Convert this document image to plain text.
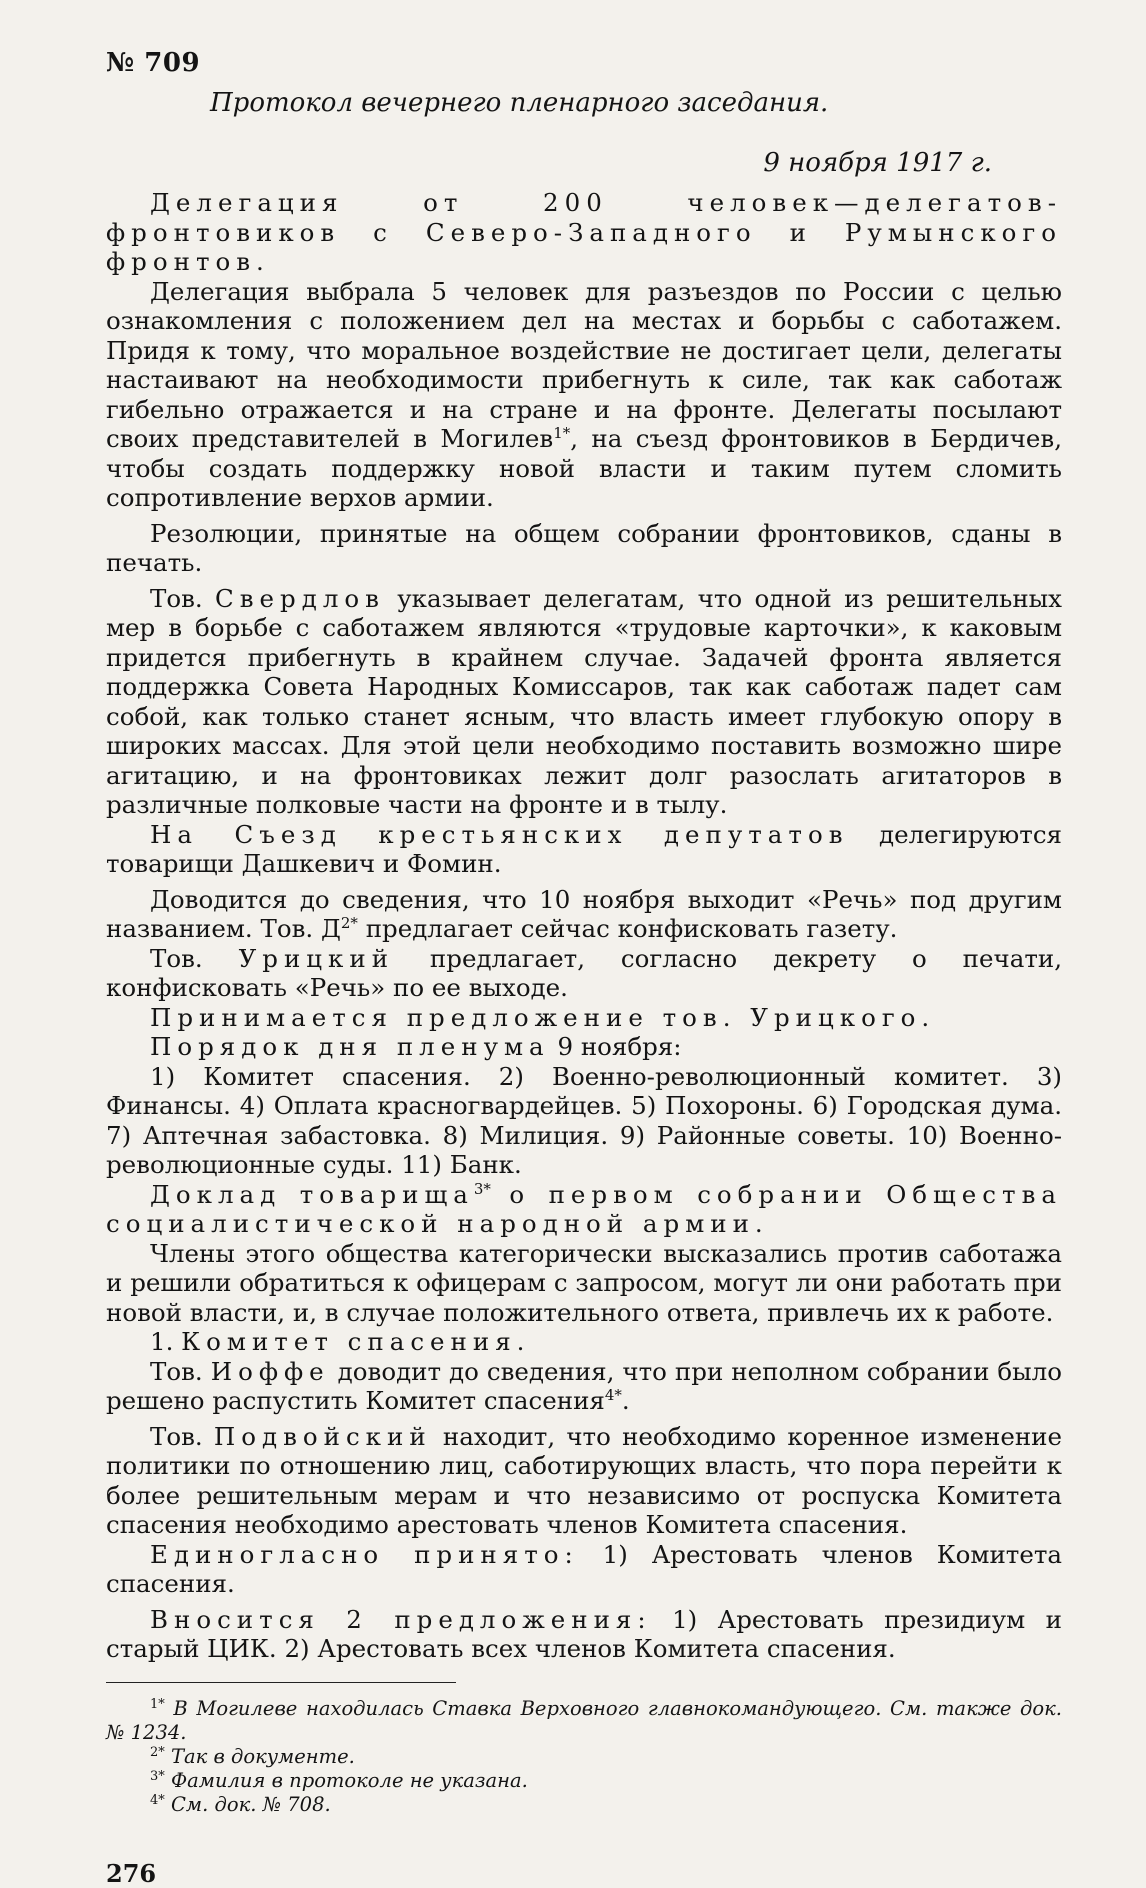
№ 709
Протокол вечернего пленарного заседания.
9 ноября 1917 г.

Делегация от 200 человек—делегатов-фронтовиков с Северо-Западного и Румынского фронтов.

Делегация выбрала 5 человек для разъездов по России с целью ознакомления с положением дел на местах и борьбы с саботажем. Придя к тому, что моральное воздействие не достигает цели, делегаты настаивают на необходимости прибегнуть к силе, так как саботаж гибельно отражается и на стране и на фронте. Делегаты посылают своих представителей в Могилев$^{1*}$, на съезд фронтовиков в Бердичев, чтобы создать поддержку новой власти и таким путем сломить сопротивление верхов армии.

Резолюции, принятые на общем собрании фронтовиков, сданы в печать.

Тов. Свердлов указывает делегатам, что одной из решительных мер в борьбе с саботажем являются «трудовые карточки», к каковым придется прибегнуть в крайнем случае. Задачей фронта является поддержка Совета Народных Комиссаров, так как саботаж падет сам собой, как только станет ясным, что власть имеет глубокую опору в широких массах. Для этой цели необходимо поставить возможно шире агитацию, и на фронтовиках лежит долг разослать агитаторов в различные полковые части на фронте и в тылу.

На Съезд крестьянских депутатов делегируются товарищи Дашкевич и Фомин.

Доводится до сведения, что 10 ноября выходит «Речь» под другим названием. Тов. $Д^{2*}$ предлагает сейчас конфисковать газету.

Тов. Урицкий предлагает, согласно декрету о печати, конфисковать «Речь» по ее выходе.

Принимается предложение тов. Урицкого.

Порядок дня пленума 9 ноября:

1) Комитет спасения. 2) Военно-революционный комитет. 3) Финансы. 4) Оплата красногвардейцев. 5) Похороны. 6) Городская дума. 7) Аптечная забастовка. 8) Милиция. 9) Районные советы. 10) Военно-революционные суды. 11) Банк.

Доклад товарища$^{3*}$ о первом собрании Общества социалистической народной армии.

Члены этого общества категорически высказались против саботажа и решили обратиться к офицерам с запросом, могут ли они работать при новой власти, и, в случае положительного ответа, привлечь их к работе.

1. Комитет спасения.

Тов. Иоффе доводит до сведения, что при неполном собрании было решено распустить Комитет спасения$^{4*}$.

Тов. Подвойский находит, что необходимо коренное изменение политики по отношению лиц, саботирующих власть, что пора перейти к более решительным мерам и что независимо от роспуска Комитета спасения необходимо арестовать членов Комитета спасения.

Единогласно принято: 1) Арестовать членов Комитета спасения.

Вносится 2 предложения: 1) Арестовать президиум и старый ЦИК. 2) Арестовать всех членов Комитета спасения.

$^{1*}$ В Могилеве находилась Ставка Верховного главнокомандующего. См. также док. № 1234.

$^{2*}$ Так в документе.

$^{3*}$ Фамилия в протоколе не указана.

$^{4*}$ См. док. № 708.

276
